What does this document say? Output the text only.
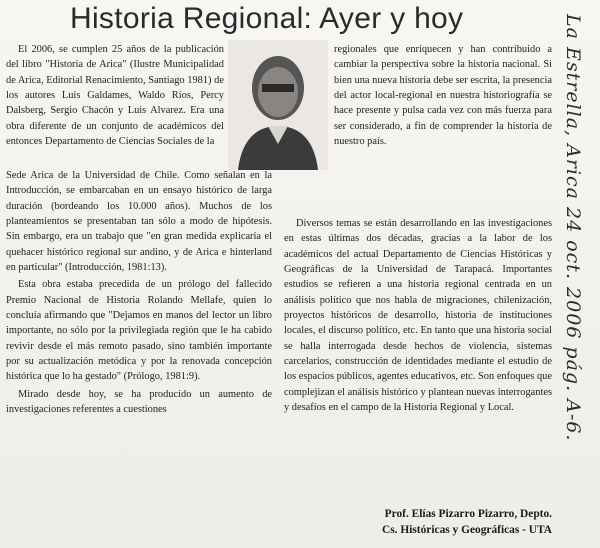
Historia Regional: Ayer y hoy

El 2006, se cumplen 25 años de la publicación del libro "Historia de Arica" (Ilustre Municipalidad de Arica, Editorial Renacimiento, Santiago 1981) de los autores Luis Galdames, Waldo Ríos, Percy Dalsberg, Sergio Chacón y Luis Alvarez. Era una obra diferente de un conjunto de académicos del entonces Departamento de Ciencias Sociales de la

Sede Arica de la Universidad de Chile. Como señalan en la Introducción, se embarcaban en un ensayo histórico de larga duración (bordeando los 10.000 años). Muchos de los planteamientos se presentaban tan sólo a modo de hipótesis. Sin embargo, era un trabajo que "en gran medida explicaría el quehacer histórico regional sur andino, y de Arica e hinterland en particular" (Introducción, 1981:13).

Esta obra estaba precedida de un prólogo del fallecido Premio Nacional de Historia Rolando Mellafe, quien lo concluía afirmando que "Dejamos en manos del lector un libro importante, no sólo por la privilegiada región que le ha cabido revivir desde el más remoto pasado, sino también importante por su actualización metódica y por la renovada concepción histórica que lo ha gestado" (Prólogo, 1981:9).

Mirado desde hoy, se ha producido un aumento de investigaciones referentes a cuestiones

regionales que enriquecen y han contribuido a cambiar la perspectiva sobre la historia nacional. Si bien una nueva historia debe ser escrita, la presencia del actor local-regional en nuestra historiografía se hace presente y pulsa cada vez con más fuerza para ser considerado, a fin de comprender la historia de nuestro país.

Diversos temas se están desarrollando en las investigaciones en estas últimas dos décadas, gracias a la labor de los académicos del actual Departamento de Ciencias Históricas y Geográficas de la Universidad de Tarapacá. Importantes estudios se refieren a una historia regional centrada en un análisis político que nos habla de migraciones, chilenización, proyectos históricos de desarrollo, historia de instituciones locales, el discurso político, etc. En tanto que una historia social se halla interrogada desde hechos de violencia, sistemas carcelarios, construcción de identidades mediante el estudio de los espacios públicos, agentes educativos, etc. Son enfoques que complejizan el análisis histórico y plantean nuevas interrogantes y desafíos en el campo de la Historia Regional y Local.

Prof. Elías Pizarro Pizarro, Depto.
Cs. Históricas y Geográficas - UTA
La Estrella, Arica 24 oct. 2006 pág. A-6.
